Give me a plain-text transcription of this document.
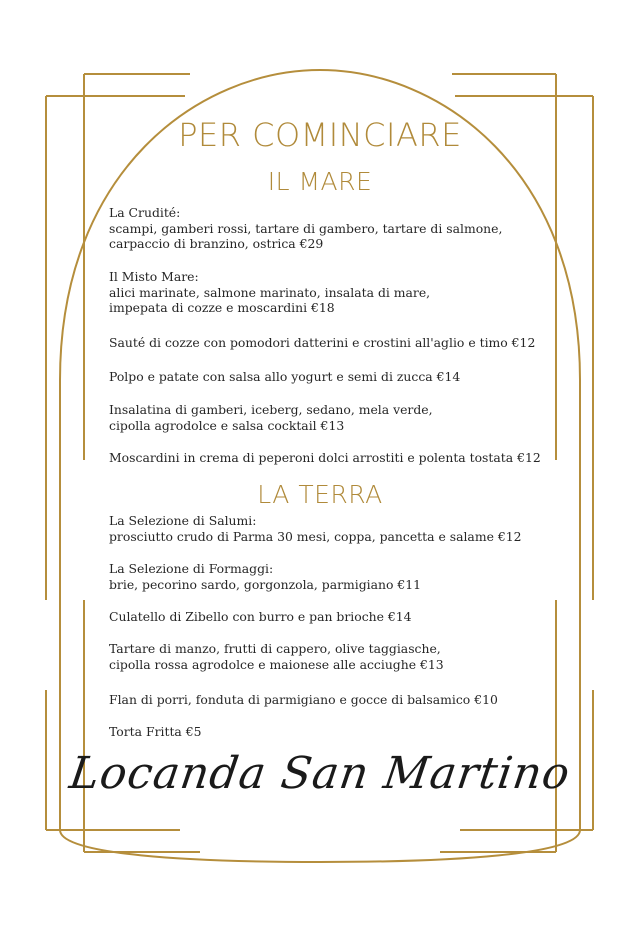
PER COMINCIARE
IL MARE
La Crudité:
scampi, gamberi rossi, tartare di gambero, tartare di salmone,
carpaccio di branzino, ostrica €29
Il Misto Mare:
alici marinate, salmone marinato, insalata di mare,
impepata di cozze e moscardini €18
Sauté di cozze con pomodori datterini e crostini all'aglio e timo €12
Polpo e patate con salsa allo yogurt e semi di zucca €14
Insalatina di gamberi, iceberg, sedano, mela verde,
cipolla agrodolce e salsa cocktail €13
Moscardini in crema di peperoni dolci arrostiti e polenta tostata €12
LA TERRA
La Selezione di Salumi:
prosciutto crudo di Parma 30 mesi, coppa, pancetta e salame €12
La Selezione di Formaggi:
brie, pecorino sardo, gorgonzola, parmigiano €11
Culatello di Zibello con burro e pan brioche €14
Tartare di manzo, frutti di cappero, olive taggiasche,
cipolla rossa agrodolce e maionese alle acciughe €13
Flan di porri, fonduta di parmigiano e gocce di balsamico €10
Torta Fritta €5
Locanda San Martino
